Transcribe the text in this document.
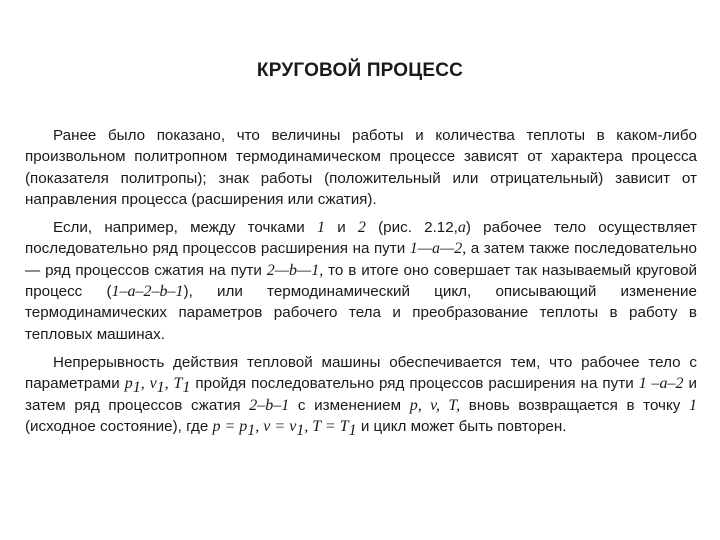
КРУГОВОЙ ПРОЦЕСС

Ранее было показано, что величины работы и количества теплоты в каком-либо произвольном политропном термодинамическом процессе зависят от характера процесса (показателя политропы); знак работы (положительный или отрицательный) зависит от направления процесса (расширения или сжатия).

Если, например, между точками 1 и 2 (рис. 2.12,a) рабочее тело осуществляет последовательно ряд процессов расширения на пути 1—a—2, а затем также последовательно — ряд процессов сжатия на пути 2—b—1, то в итоге оно совершает так называемый круговой процесс (1–a–2–b–1), или термодинамический цикл, описывающий изменение термодинамических параметров рабочего тела и преобразование теплоты в работу в тепловых машинах.

Непрерывность действия тепловой машины обеспечивается тем, что рабочее тело с параметрами $p_1$, $v_1$, $T_1$ пройдя последовательно ряд процессов расширения на пути 1 –a–2 и затем ряд процессов сжатия 2–b–1 с изменением p, v, T, вновь возвращается в точку 1 (исходное состояние), где $p = p_1$, $v = v_1$, $T = T_1$ и цикл может быть повторен.
